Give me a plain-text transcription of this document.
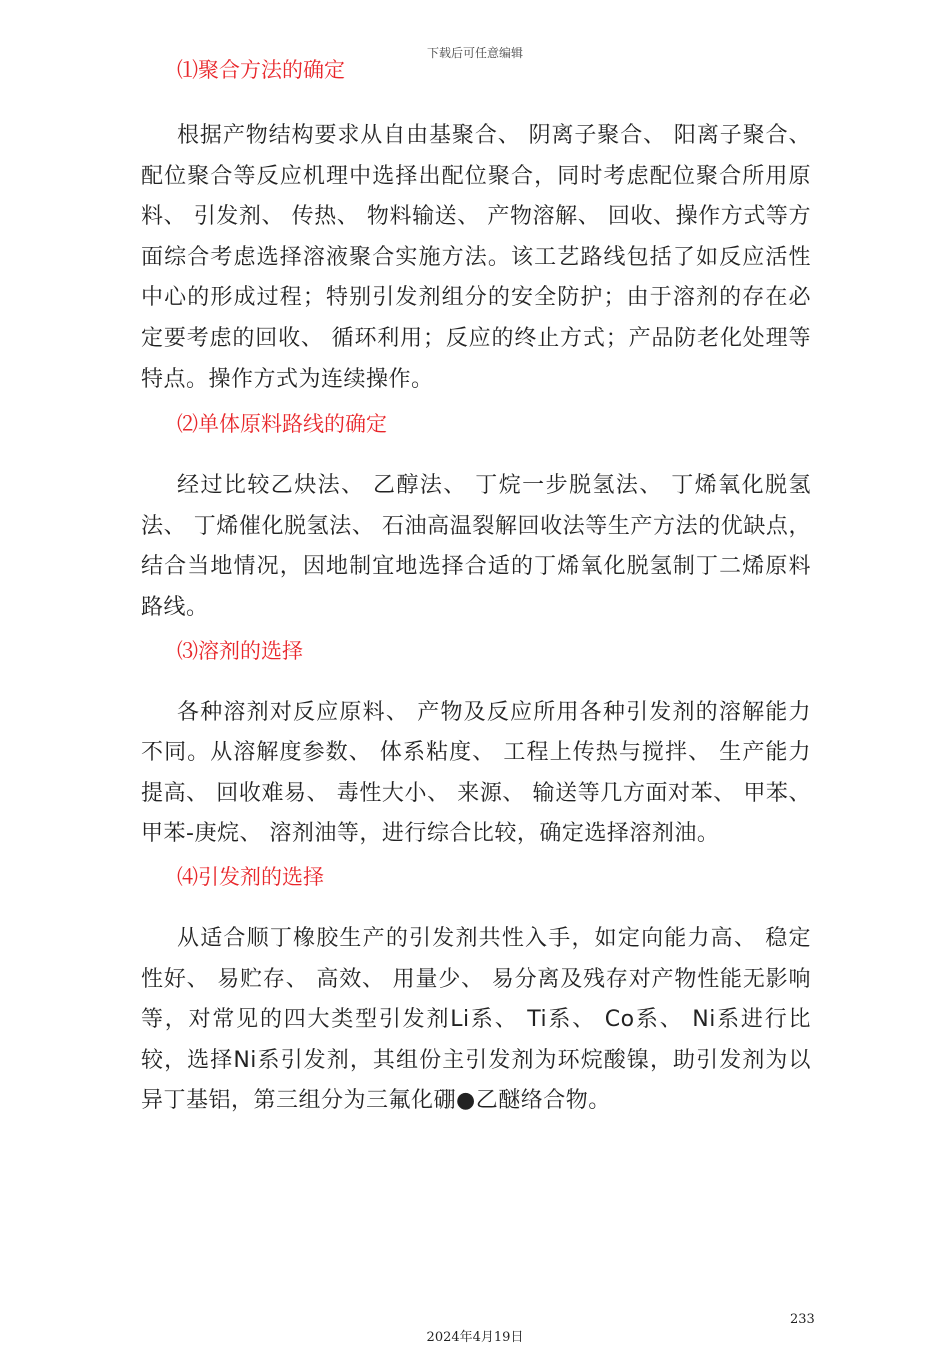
下载后可任意编辑

⑴聚合方法的确定

根据产物结构要求从自由基聚合、 阴离子聚合、 阳离子聚合、 配位聚合等反应机理中选择出配位聚合，同时考虑配位聚合所用原料、 引发剂、 传热、 物料输送、 产物溶解、 回收、操作方式等方面综合考虑选择溶液聚合实施方法。该工艺路线包括了如反应活性中心的形成过程；特别引发剂组分的安全防护；由于溶剂的存在必定要考虑的回收、 循环利用；反应的终止方式；产品防老化处理等特点。操作方式为连续操作。

⑵单体原料路线的确定

经过比较乙炔法、 乙醇法、 丁烷一步脱氢法、 丁烯氧化脱氢法、 丁烯催化脱氢法、 石油高温裂解回收法等生产方法的优缺点，结合当地情况，因地制宜地选择合适的丁烯氧化脱氢制丁二烯原料路线。

⑶溶剂的选择

各种溶剂对反应原料、 产物及反应所用各种引发剂的溶解能力不同。从溶解度参数、 体系粘度、 工程上传热与搅拌、 生产能力提高、 回收难易、 毒性大小、 来源、 输送等几方面对苯、 甲苯、 甲苯-庚烷、 溶剂油等，进行综合比较，确定选择溶剂油。

⑷引发剂的选择

从适合顺丁橡胶生产的引发剂共性入手，如定向能力高、 稳定性好、 易贮存、 高效、 用量少、 易分离及残存对产物性能无影响等，对常见的四大类型引发剂Li系、 Ti系、 Co系、 Ni系进行比较，选择Ni系引发剂，其组份主引发剂为环烷酸镍，助引发剂为以异丁基铝，第三组分为三氟化硼●乙醚络合物。

233
2024年4月19日
